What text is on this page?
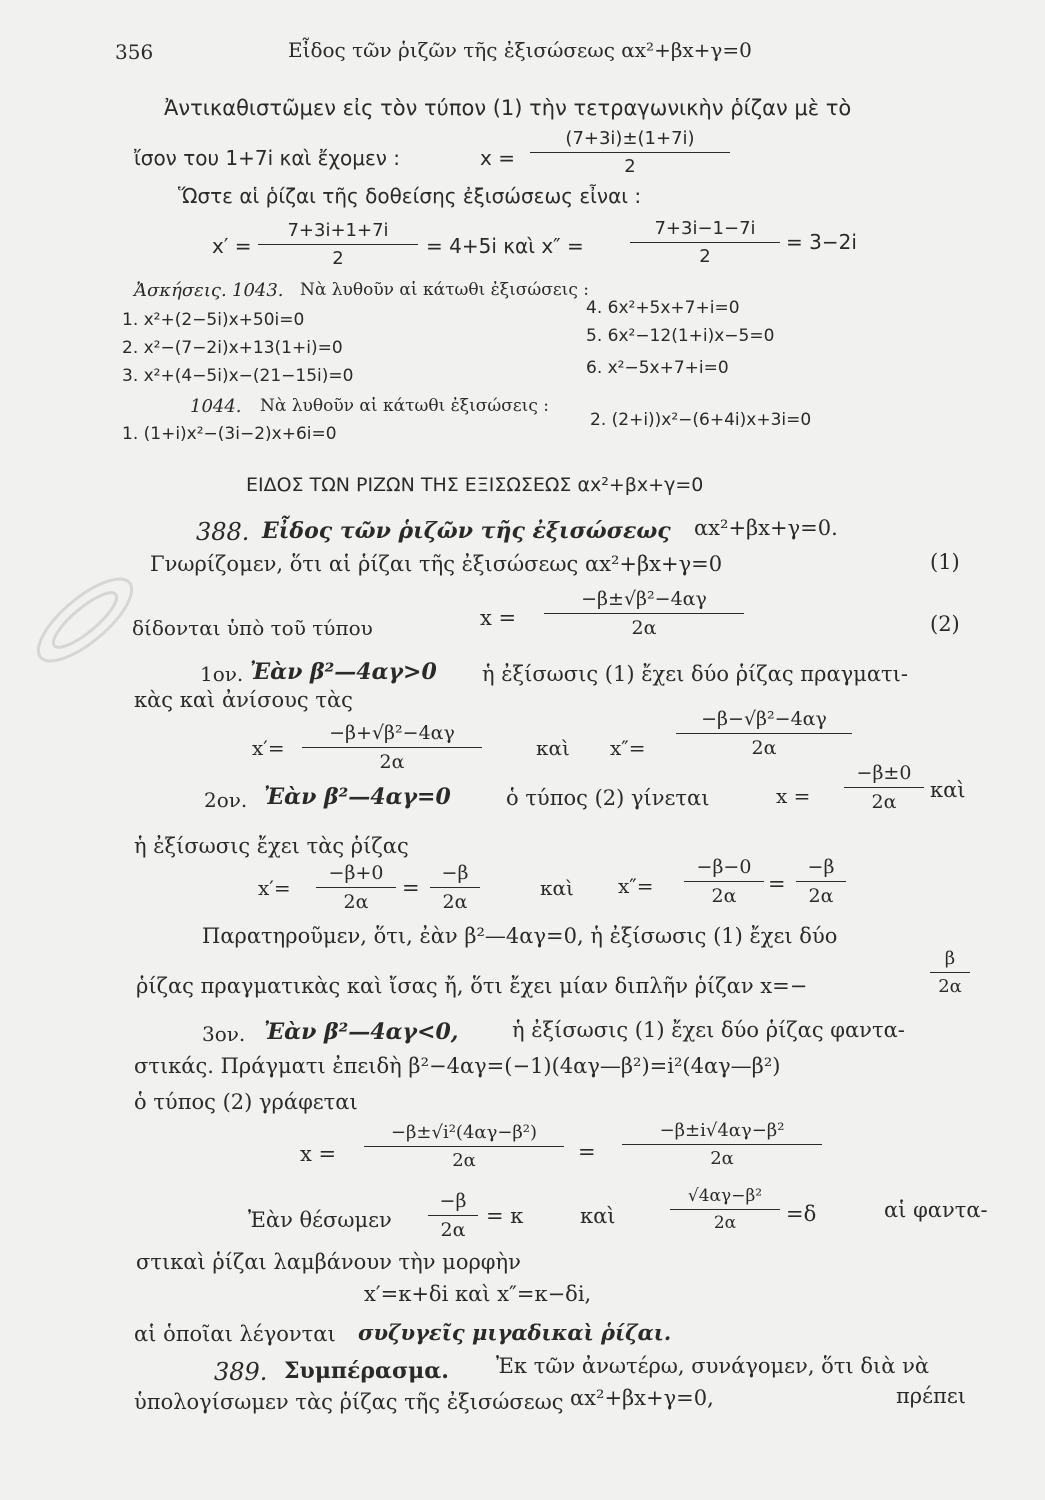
356	Εἶδος τῶν ῥιζῶν τῆς ἐξισώσεως αx²+βx+γ=0
Ἀντικαθιστῶμεν εἰς τὸν τύπον (1) τὴν τετραγωνικὴν ῥίζαν μὲ τὸ
ἴσον του 1+7i καὶ ἔχομεν :	$x = \frac{(7+3i)\pm(1+7i)}{2}$
Ὥστε αἱ ῥίζαι τῆς δοθείσης ἐξισώσεως εἶναι :
$x' = \frac{7+3i+1+7i}{2} = 4+5i$ καὶ x″ =	$\frac{7+3i-1-7i}{2} = 3-2i$
Ἀσκήσεις. 1043. Νὰ λυθοῦν αἱ κάτωθι ἐξισώσεις :
1. x²+(2−5i)x+50i=0
2. x²−(7−2i)x+13(1+i)=0
3. x²+(4−5i)x−(21−15i)=0
4. 6x²+5x+7+i=0
5. 6x²−12(1+i)x−5=0
6. x²−5x+7+i=0
1044. Νὰ λυθοῦν αἱ κάτωθι ἐξισώσεις :
1. (1+i)x²−(3i−2)x+6i=0
2. (2+i))x²−(6+4i)x+3i=0
ΕΙΔΟΣ ΤΩΝ ΡΙΖΩΝ ΤΗΣ ΕΞΙΣΩΣΕΩΣ αx²+βx+γ=0
388. Εἶδος τῶν ῥιζῶν τῆς ἐξισώσεως αx²+βx+γ=0.
Γνωρίζομεν, ὅτι αἱ ῥίζαι τῆς ἐξισώσεως αx²+βx+γ=0	(1)
δίδονται ὑπὸ τοῦ τύπου	$x = \frac{\text{−β±√β²−4αγ}}{2\alpha}$	(2)
1ον. Ἐὰν β²—4αγ>0 ἡ ἐξίσωσις (1) ἔχει δύο ῥίζας πραγματι-
κὰς καὶ ἀνίσους τὰς
$x'= \frac{\text{−β+√β²−4αγ}}{2\alpha}$	καὶ $x''= \frac{\text{−β−√β²−4αγ}}{2\alpha}$
2ον. Ἐὰν β²—4αγ=0	ὁ τύπος (2) γίνεται	$x = \frac{-\beta\pm 0}{2\alpha}$ καὶ
ἡ ἐξίσωσις ἔχει τὰς ῥίζας
$x'= \frac{-\beta+0}{2\alpha} = \frac{-\beta}{2\alpha}$	καὶ $x''= \frac{-\beta-0}{2\alpha} = \frac{-\beta}{2\alpha}$
Παρατηροῦμεν, ὅτι, ἐὰν β²—4αγ=0, ἡ ἐξίσωσις (1) ἔχει δύο
ῥίζας πραγματικὰς καὶ ἴσας ἤ, ὅτι ἔχει μίαν διπλῆν ῥίζαν x=−	$\frac{\beta}{2\alpha}$
3ον. Ἐὰν β²—4αγ<0,	ἡ ἐξίσωσις (1) ἔχει δύο ῥίζας φαντα-
στικάς. Πράγματι ἐπειδὴ β²−4αγ=(−1)(4αγ—β²)=i²(4αγ—β²)
ὁ τύπος (2) γράφεται
$x = \frac{\text{−β±√i²(4αγ−β²)}}{2\alpha} = \frac{\text{−β±i√4αγ−β²}}{2\alpha}$
Ἐὰν θέσωμεν $\frac{-\beta}{2\alpha} = \kappa$	καὶ	$\frac{\text{√4αγ−β²}}{2\alpha} =\delta$	αἱ φαντα-
στικαὶ ῥίζαι λαμβάνουν τὴν μορφὴν
x′=κ+δi καὶ x″=κ−δi,
αἱ ὁποῖαι λέγονται συζυγεῖς μιγαδικαὶ ῥίζαι.
389. Συμπέρασμα. Ἐκ τῶν ἀνωτέρω, συνάγομεν, ὅτι διὰ νὰ
ὑπολογίσωμεν τὰς ῥίζας τῆς ἐξισώσεως αx²+βx+γ=0,	πρέπει
